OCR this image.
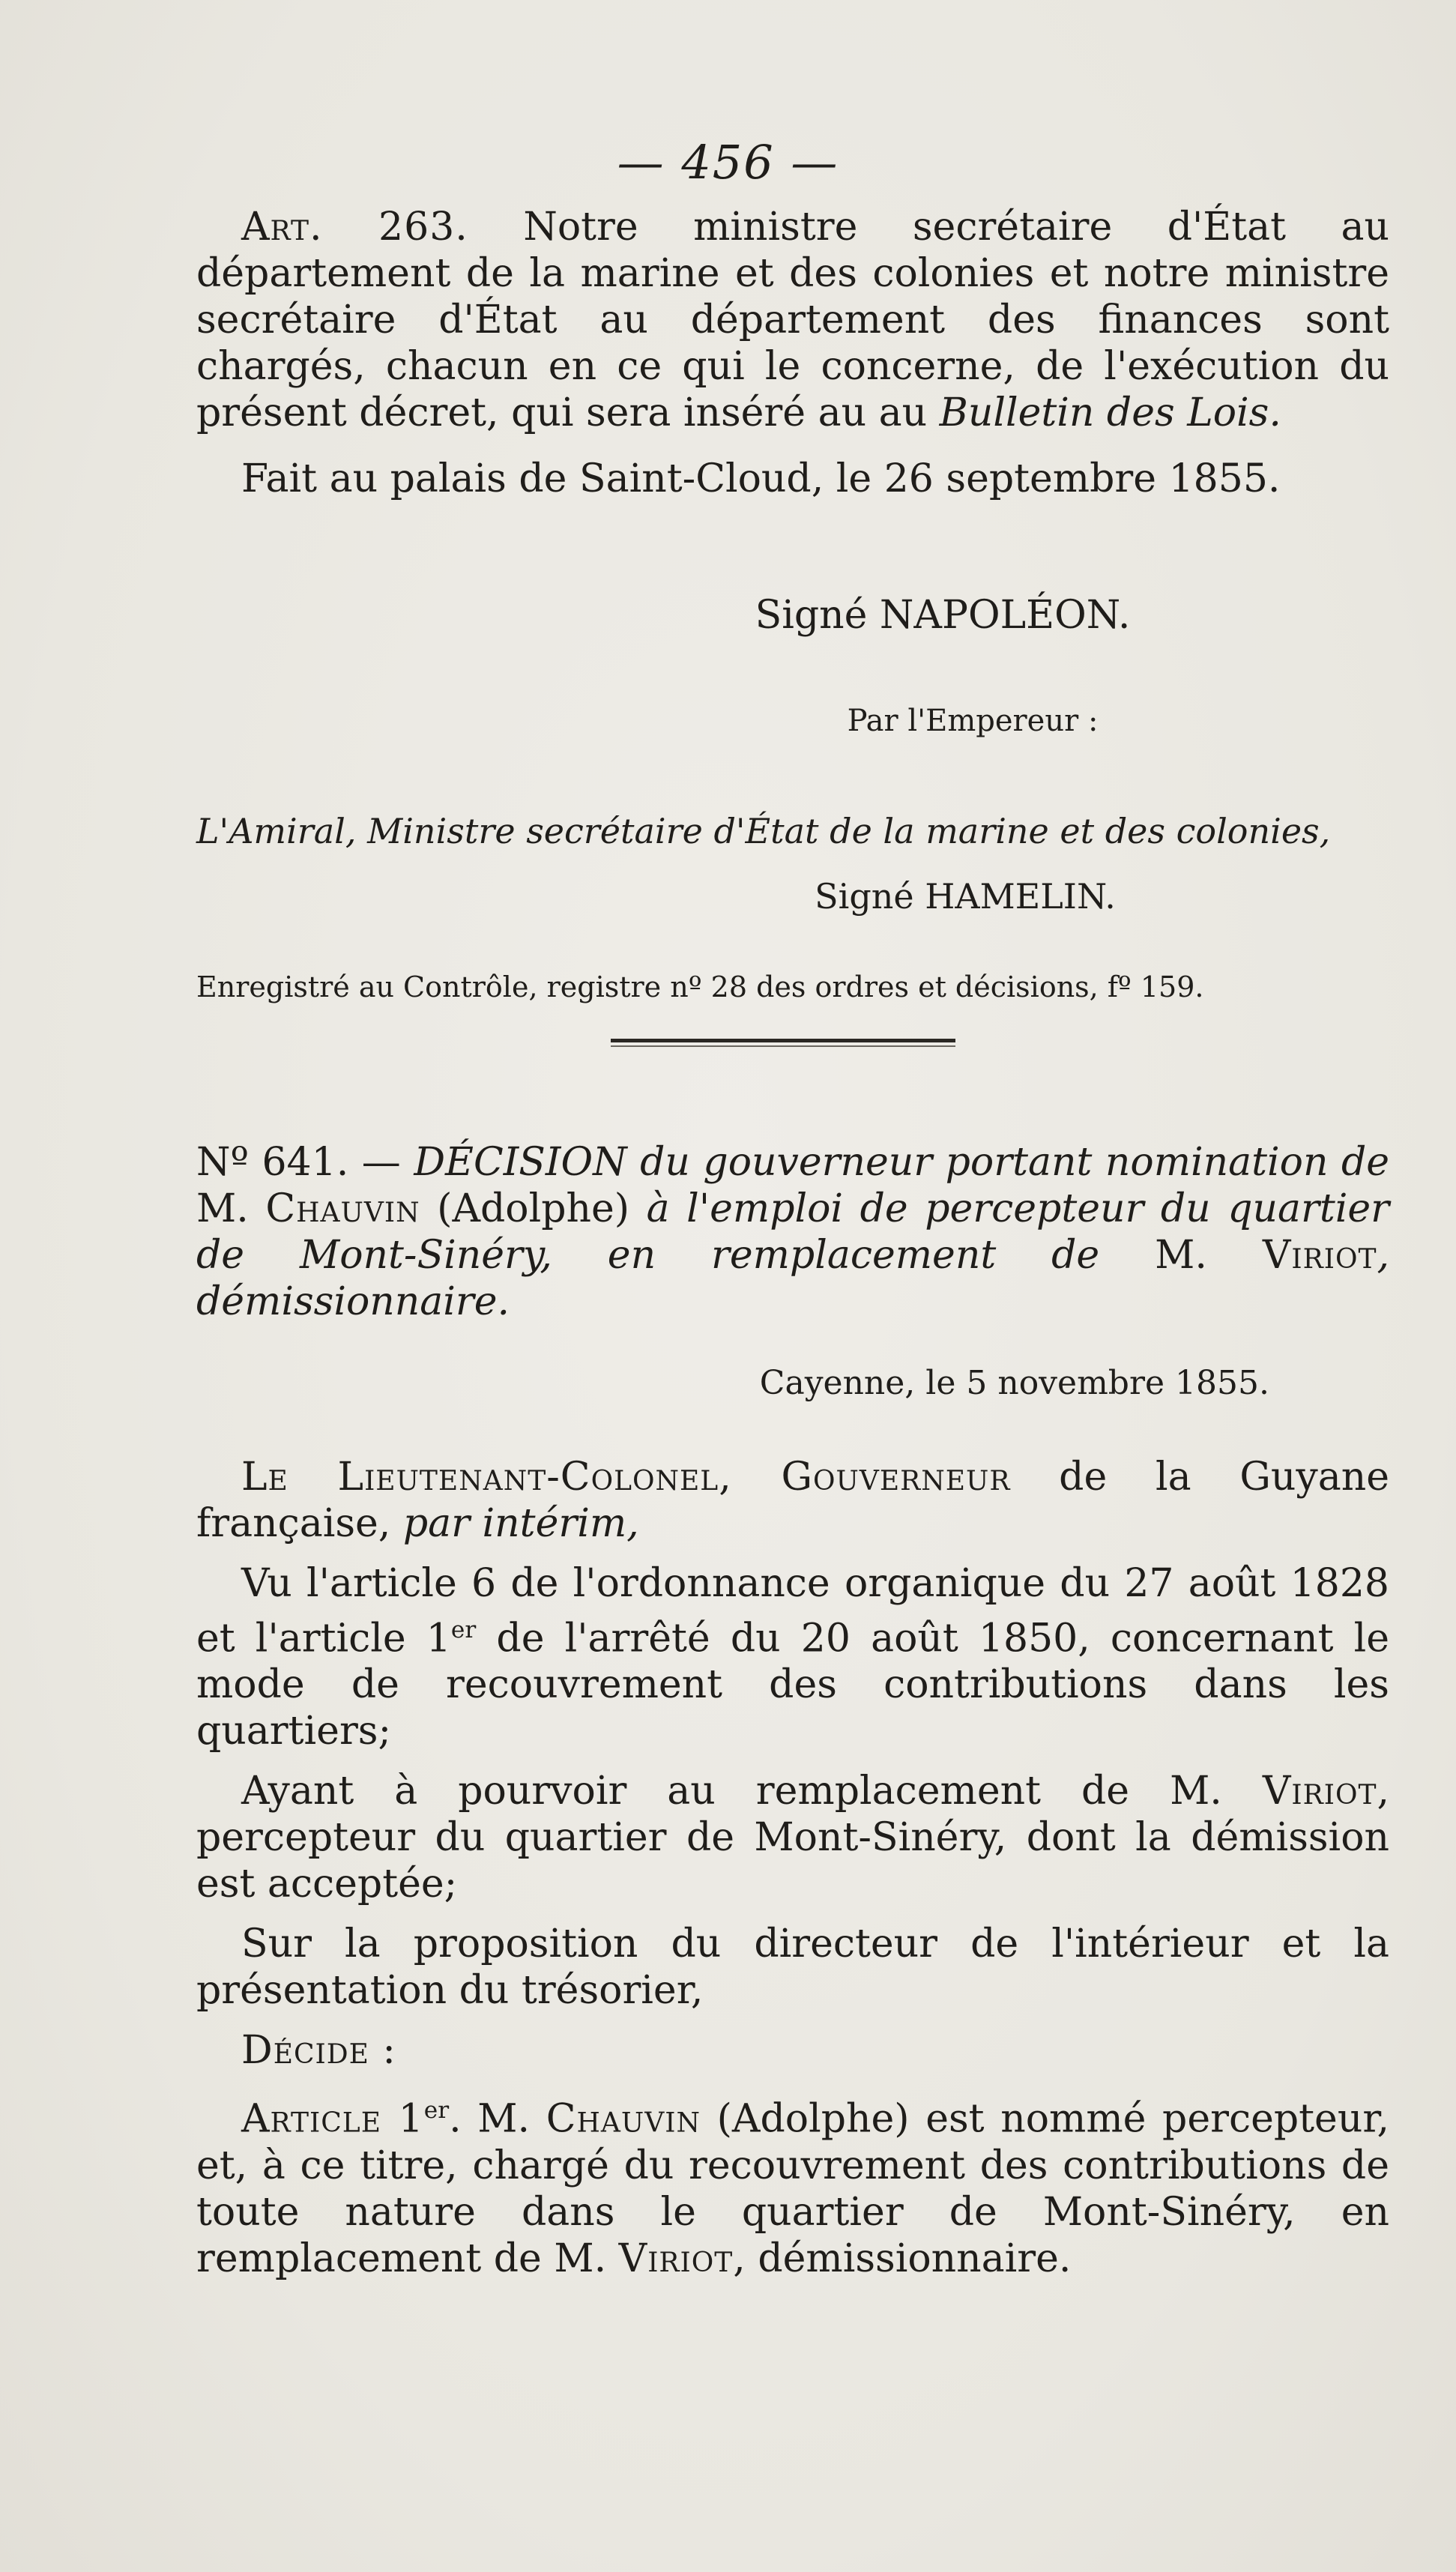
— 456 —

Art. 263. Notre ministre secrétaire d'État au département de la marine et des colonies et notre ministre secrétaire d'État au département des finances sont chargés, chacun en ce qui le concerne, de l'exécution du présent décret, qui sera inséré au au Bulletin des Lois.

Fait au palais de Saint-Cloud, le 26 septembre 1855.

Signé NAPOLÉON.
Par l'Empereur :
L'Amiral, Ministre secrétaire d'État de la marine et des colonies,
Signé HAMELIN.
Enregistré au Contrôle, registre nº 28 des ordres et décisions, fº 159.

Nº 641. — DÉCISION du gouverneur portant nomination de M. Chauvin (Adolphe) à l'emploi de percepteur du quartier de Mont-Sinéry, en remplacement de M. Viriot, démissionnaire.

Cayenne, le 5 novembre 1855.

Le Lieutenant-Colonel, Gouverneur de la Guyane française, par intérim,

Vu l'article 6 de l'ordonnance organique du 27 août 1828 et l'article 1er de l'arrêté du 20 août 1850, concernant le mode de recouvrement des contributions dans les quartiers;

Ayant à pourvoir au remplacement de M. Viriot, percepteur du quartier de Mont-Sinéry, dont la démission est acceptée;

Sur la proposition du directeur de l'intérieur et la présentation du trésorier,

Décide :

Article 1er. M. Chauvin (Adolphe) est nommé percepteur, et, à ce titre, chargé du recouvrement des contributions de toute nature dans le quartier de Mont-Sinéry, en remplacement de M. Viriot, démissionnaire.
